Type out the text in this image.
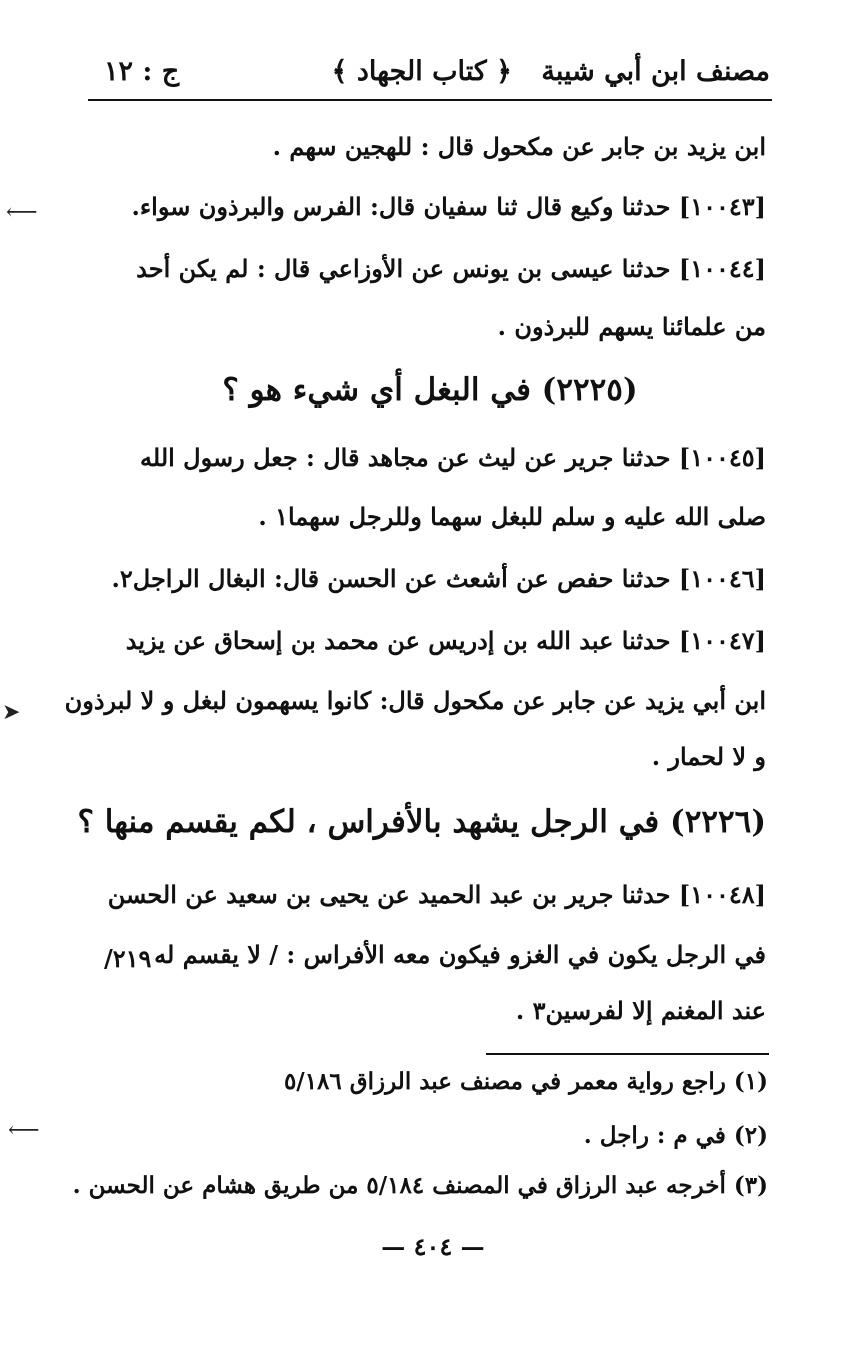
مصنف ابن أبي شيبة
﴿ كتاب الجهاد ﴾
ج : ١٢
ابن يزيد بن جابر عن مكحول قال : للهجين سهم .
[١٠٠٤٣] حدثنا وكيع قال ثنا سفيان قال: الفرس والبرذون سواء.
[١٠٠٤٤] حدثنا عيسى بن يونس عن الأوزاعي قال : لم يكن أحد
من علمائنا يسهم للبرذون .
(٢٢٢٥) في البغل أي شيء هو ؟
[١٠٠٤٥] حدثنا جرير عن ليث عن مجاهد قال : جعل رسول الله
صلى الله عليه و سلم للبغل سهما وللرجل سهما١ .
[١٠٠٤٦] حدثنا حفص عن أشعث عن الحسن قال: البغال الراجل٢.
[١٠٠٤٧] حدثنا عبد الله بن إدريس عن محمد بن إسحاق عن يزيد
ابن أبي يزيد عن جابر عن مكحول قال: كانوا يسهمون لبغل و لا لبرذون
و لا لحمار .
(٢٢٢٦) في الرجل يشهد بالأفراس ، لكم يقسم منها ؟
[١٠٠٤٨] حدثنا جرير بن عبد الحميد عن يحيى بن سعيد عن الحسن
في الرجل يكون في الغزو فيكون معه الأفراس : / لا يقسم له
٢١٩/
عند المغنم إلا لفرسين٣ .
(١) راجع رواية معمر في مصنف عبد الرزاق ٥/١٨٦
(٢) في م : راجل .
(٣) أخرجه عبد الرزاق في المصنف ٥/١٨٤ من طريق هشام عن الحسن .
— ٤٠٤ —
⟵
➤
⟵
